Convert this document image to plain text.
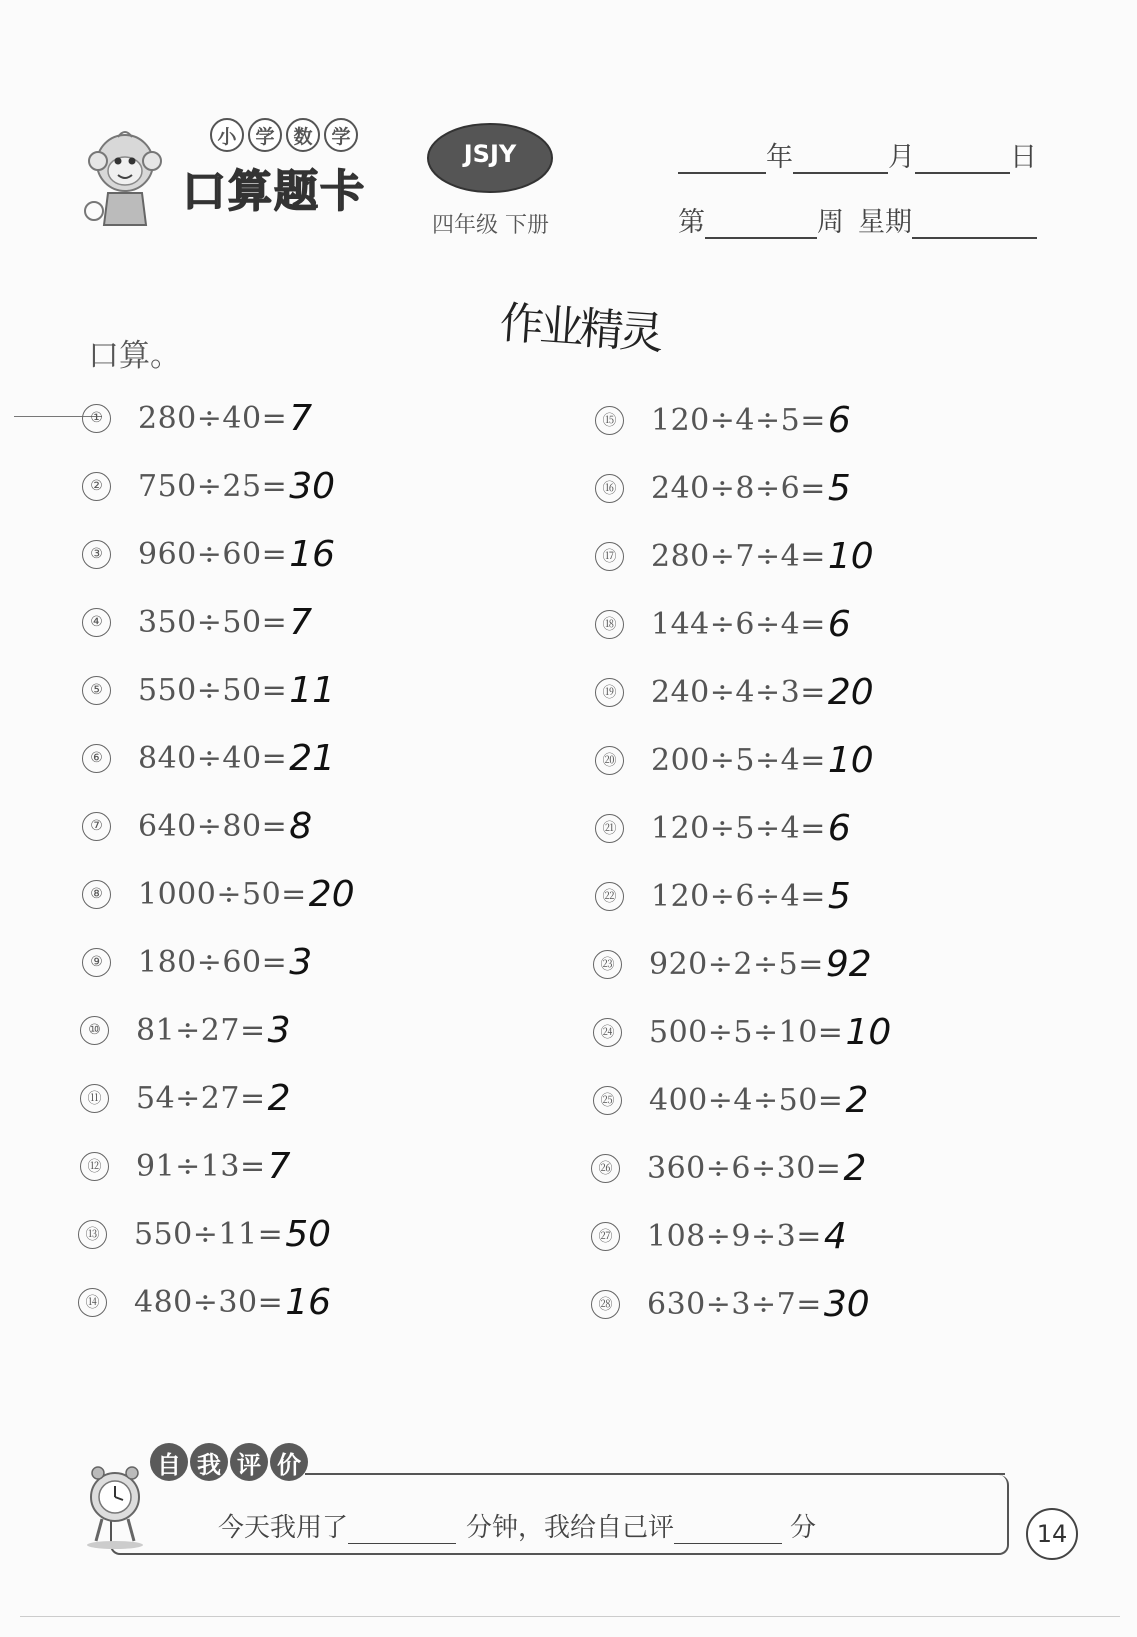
小 学 数 学
口算题卡
JSJY
四年级 下册
年	月	日
第	周 星期
作业精灵
口算。
① 280÷40= 7
② 750÷25= 30
③ 960÷60= 16
④ 350÷50= 7
⑤ 550÷50= 11
⑥ 840÷40= 21
⑦ 640÷80= 8
⑧ 1000÷50= 20
⑨ 180÷60= 3
⑩ 81÷27= 3
⑪ 54÷27= 2
⑫ 91÷13= 7
⑬ 550÷11= 50
⑭ 480÷30= 16
⑮ 120÷4÷5= 6
⑯ 240÷8÷6= 5
⑰ 280÷7÷4= 10
⑱ 144÷6÷4= 6
⑲ 240÷4÷3= 20
⑳ 200÷5÷4= 10
㉑ 120÷5÷4= 6
㉒ 120÷6÷4= 5
㉓ 920÷2÷5= 92
㉔ 500÷5÷10= 10
㉕ 400÷4÷50= 2
㉖ 360÷6÷30= 2
㉗ 108÷9÷3= 4
㉘ 630÷3÷7= 30
自 我 评 价
今天我用了	分钟，我给自己评	分	14
